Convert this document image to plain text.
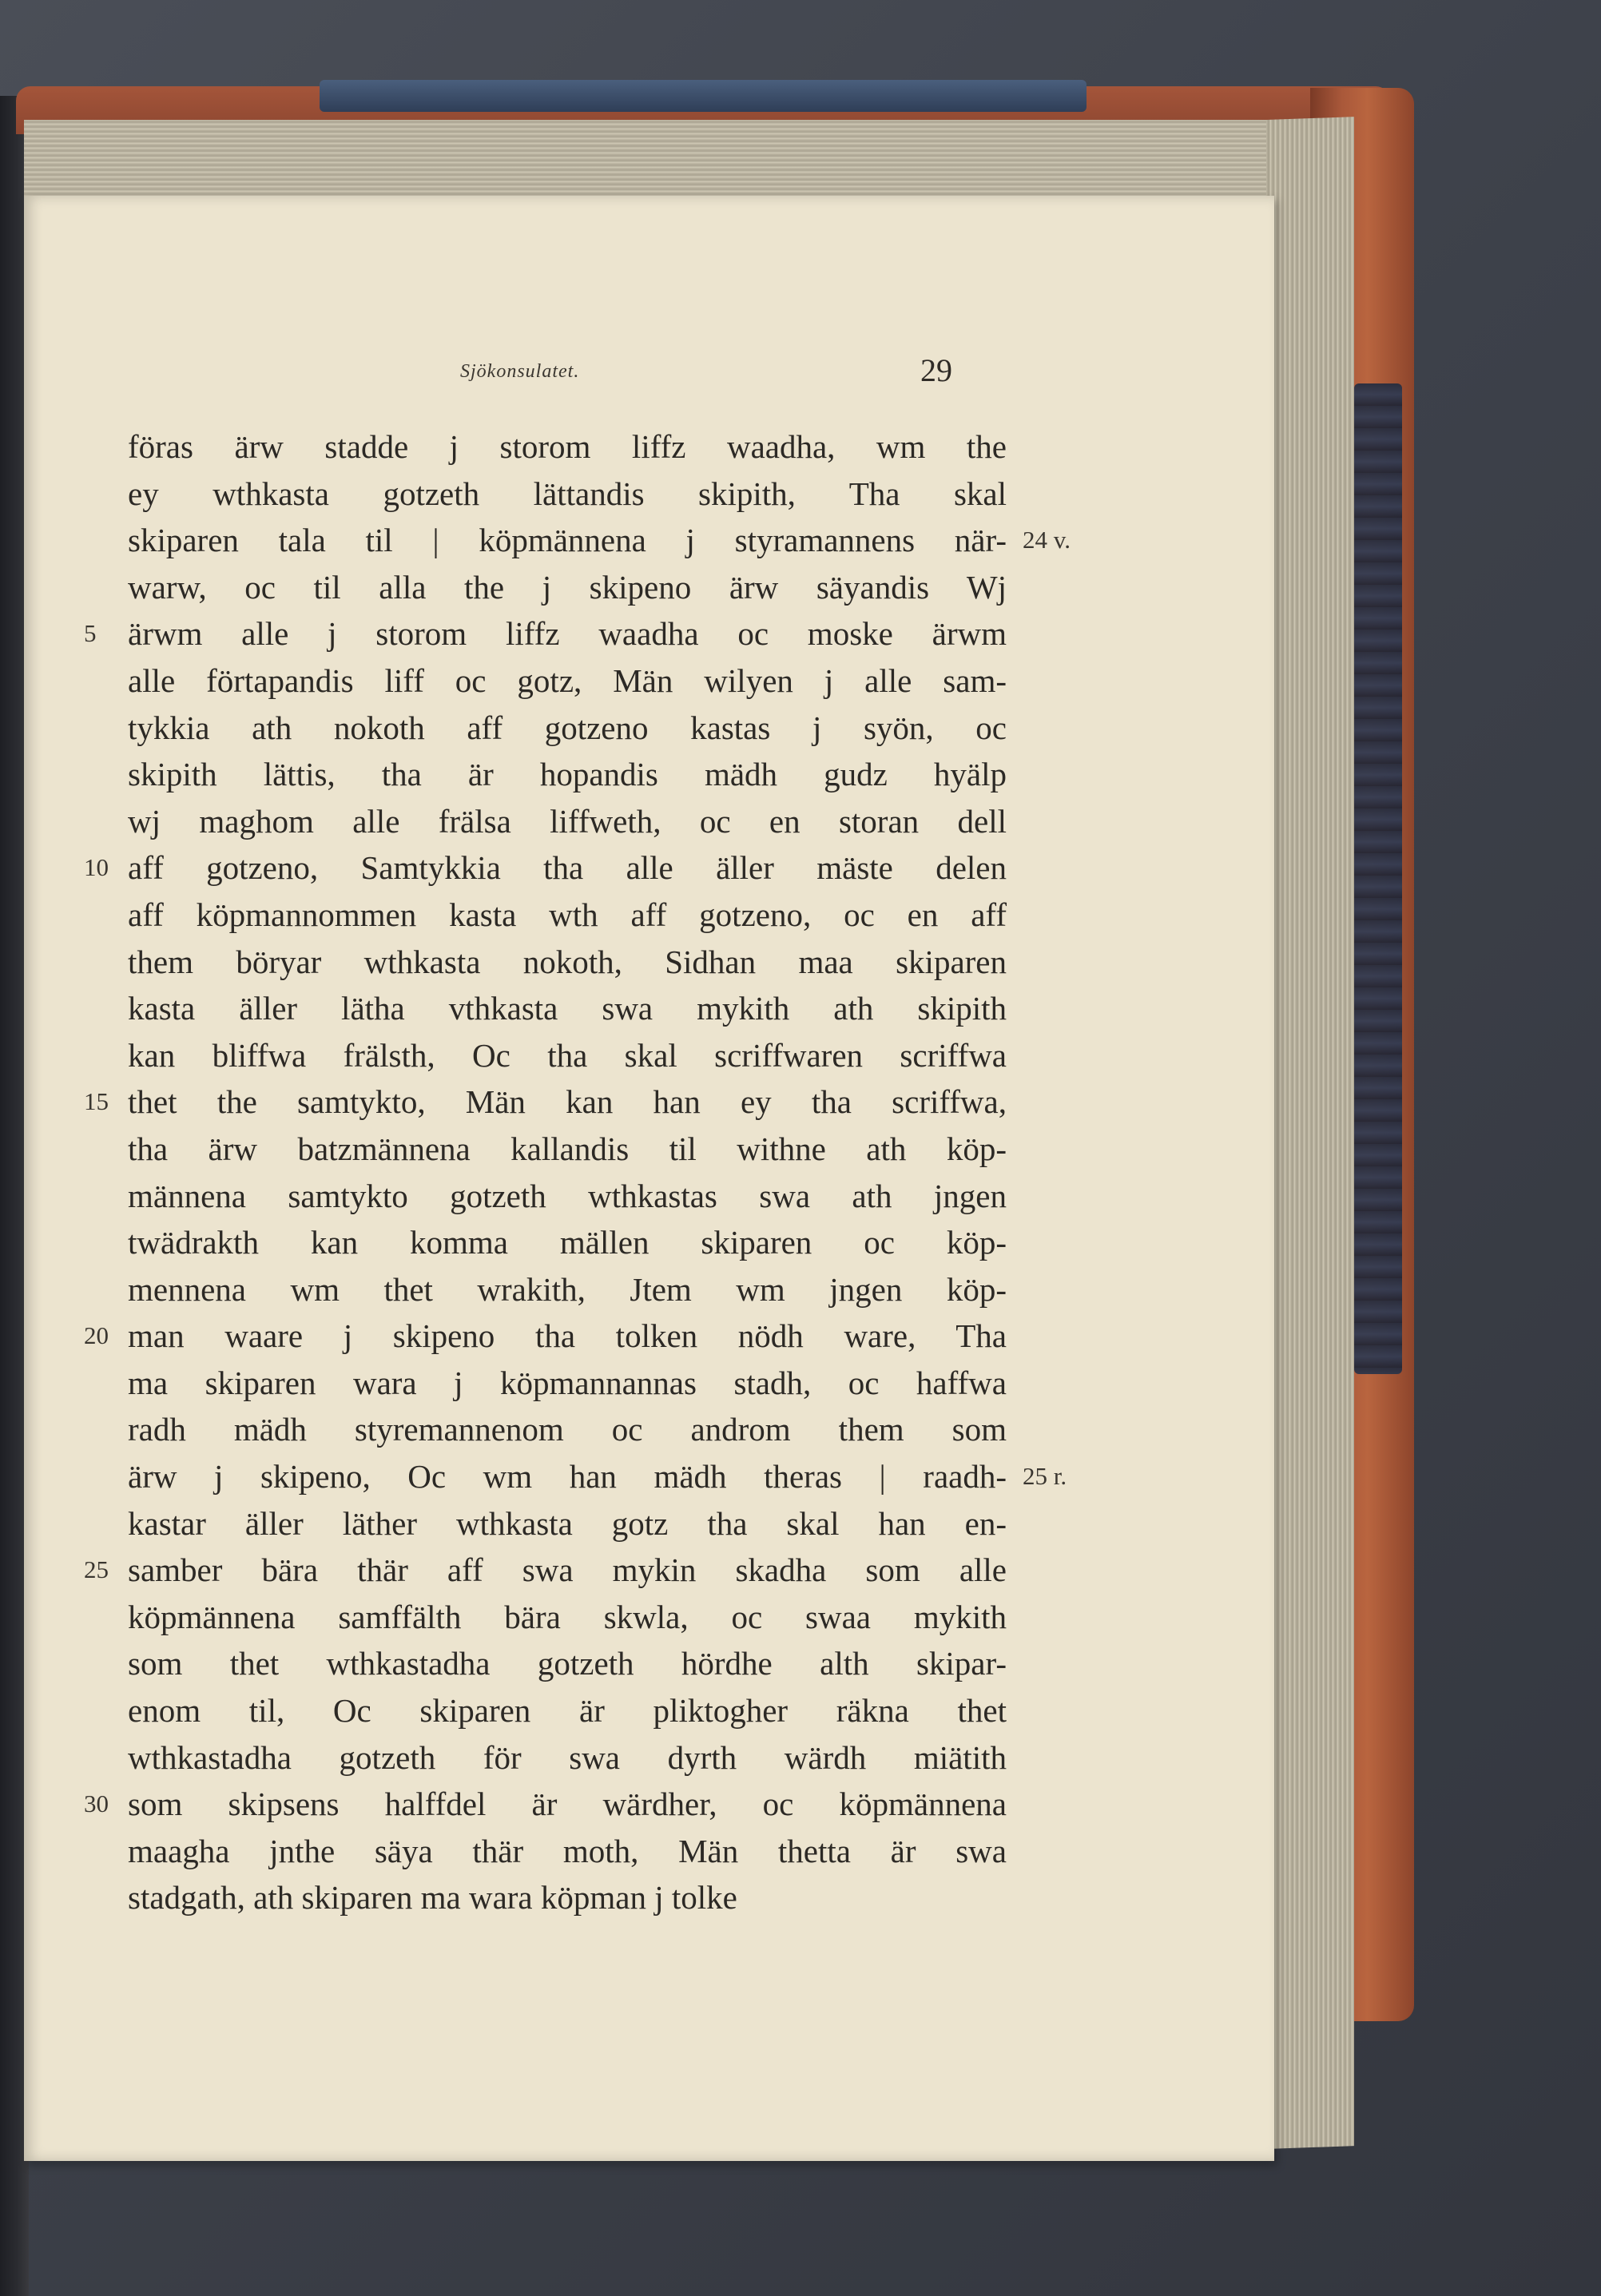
Sjökonsulatet.	29
föras ärw stadde j storom liffz waadha, wm the
ey wthkasta gotzeth lättandis skipith, Tha skal
skiparen tala til | köpmännena j styramannens när- 24 v.
warw, oc til alla the j skipeno ärw säyandis Wj
5 ärwm alle j storom liffz waadha oc moske ärwm
alle förtapandis liff oc gotz, Män wilyen j alle sam-
tykkia ath nokoth aff gotzeno kastas j syön, oc
skipith lättis, tha är hopandis mädh gudz hyälp
wj maghom alle frälsa liffweth, oc en storan dell
10 aff gotzeno, Samtykkia tha alle äller mäste delen
aff köpmannommen kasta wth aff gotzeno, oc en aff
them böryar wthkasta nokoth, Sidhan maa skiparen
kasta äller lätha vthkasta swa mykith ath skipith
kan bliffwa frälsth, Oc tha skal scriffwaren scriffwa
15 thet the samtykto, Män kan han ey tha scriffwa,
tha ärw batzmännena kallandis til withne ath köp-
männena samtykto gotzeth wthkastas swa ath jngen
twädrakth kan komma mällen skiparen oc köp-
mennena wm thet wrakith, Jtem wm jngen köp-
20 man waare j skipeno tha tolken nödh ware, Tha
ma skiparen wara j köpmannannas stadh, oc haffwa
radh mädh styremannenom oc androm them som
ärw j skipeno, Oc wm han mädh theras | raadh- 25 r.
kastar äller läther wthkasta gotz tha skal han en-
25 samber bära thär aff swa mykin skadha som alle
köpmännena samffälth bära skwla, oc swaa mykith
som thet wthkastadha gotzeth hördhe alth skipar-
enom til, Oc skiparen är pliktogher räkna thet
wthkastadha gotzeth för swa dyrth wärdh miätith
30 som skipsens halffdel är wärdher, oc köpmännena
maagha jnthe säya thär moth, Män thetta är swa
stadgath, ath skiparen ma wara köpman j tolke
